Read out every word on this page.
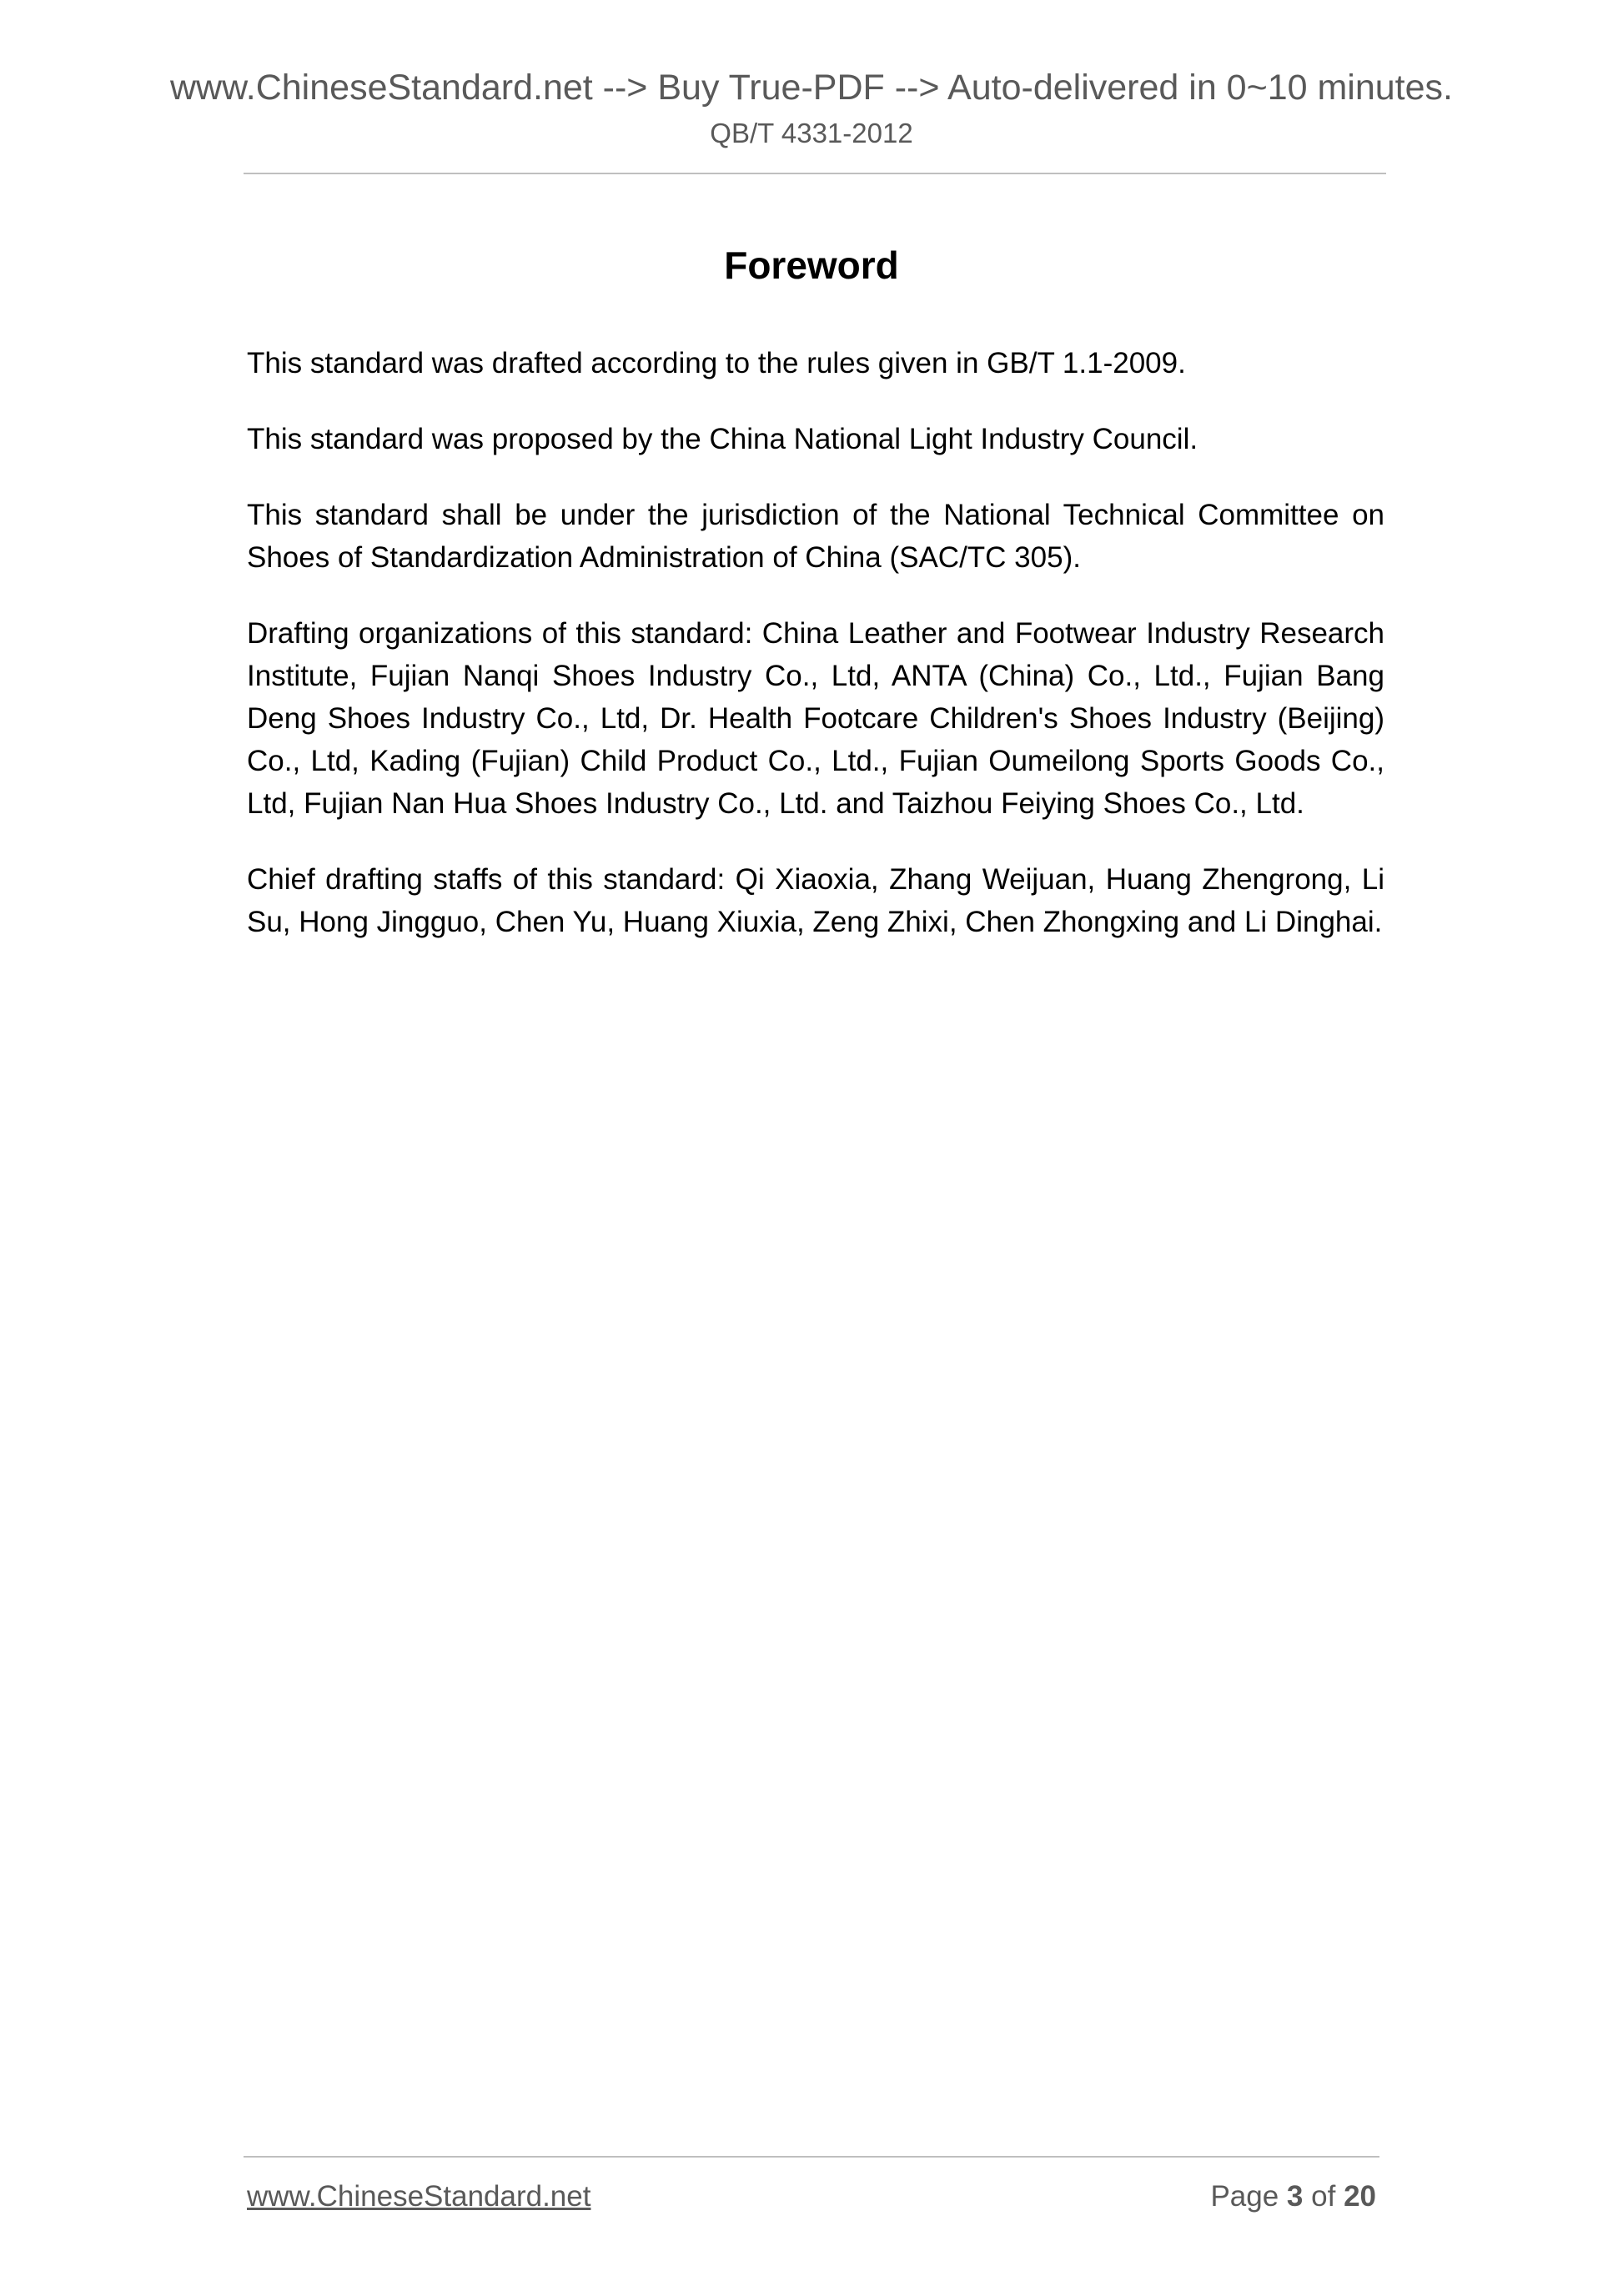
www.ChineseStandard.net --> Buy True-PDF --> Auto-delivered in 0~10 minutes.
QB/T 4331-2012
Foreword

This standard was drafted according to the rules given in GB/T 1.1-2009.

This standard was proposed by the China National Light Industry Council.

This standard shall be under the jurisdiction of the National Technical Committee on Shoes of Standardization Administration of China (SAC/TC 305).

Drafting organizations of this standard: China Leather and Footwear Industry Research Institute, Fujian Nanqi Shoes Industry Co., Ltd, ANTA (China) Co., Ltd., Fujian Bang Deng Shoes Industry Co., Ltd, Dr. Health Footcare Children's Shoes Industry (Beijing) Co., Ltd, Kading (Fujian) Child Product Co., Ltd., Fujian Oumeilong Sports Goods Co., Ltd, Fujian Nan Hua Shoes Industry Co., Ltd. and Taizhou Feiying Shoes Co., Ltd.

Chief drafting staffs of this standard: Qi Xiaoxia, Zhang Weijuan, Huang Zhengrong, Li Su, Hong Jingguo, Chen Yu, Huang Xiuxia, Zeng Zhixi, Chen Zhongxing and Li Dinghai.

www.ChineseStandard.net	Page 3 of 20
